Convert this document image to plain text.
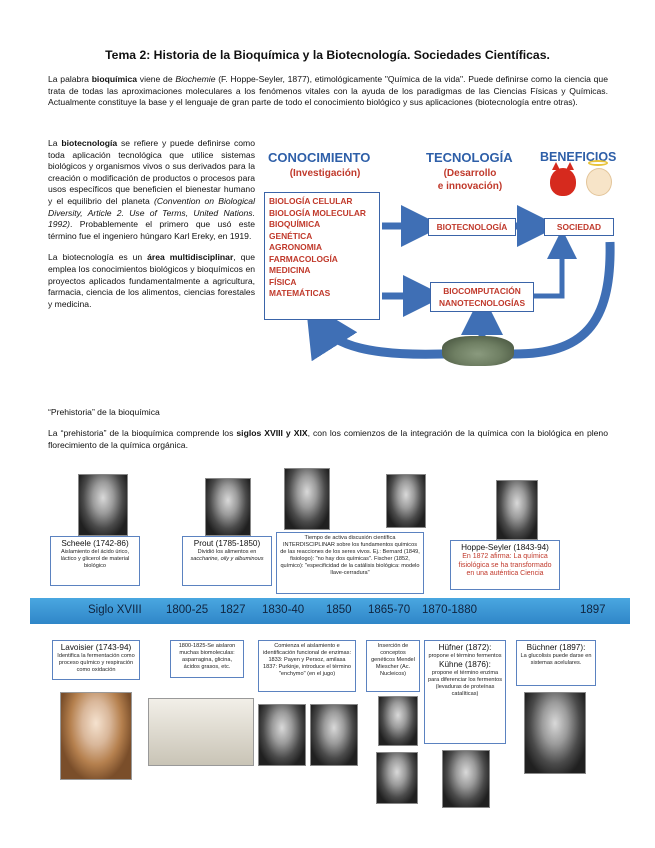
Tema 2: Historia de la Bioquímica y la Biotecnología. Sociedades Científicas.

La palabra bioquímica viene de Biochemie (F. Hoppe-Seyler, 1877), etimológicamente "Química de la vida". Puede definirse como la ciencia que trata de todas las aproximaciones moleculares a los fenómenos vitales con la ayuda de los paradigmas de las Ciencias Físicas y Químicas. Actualmente constituye la base y el lenguaje de gran parte de todo el conocimiento biológico y sus aplicaciones (biotecnología entre otras).

La biotecnología se refiere y puede definirse como toda aplicación tecnológica que utilice sistemas biológicos y organismos vivos o sus derivados para la creación o modificación de productos o procesos para usos específicos que beneficien el bienestar humano y el equilibrio del planeta (Convention on Biological Diversity, Article 2. Use of Terms, United Nations. 1992). Probablemente el primero que usó este término fue el ingeniero húngaro Karl Ereky, en 1919.

La biotecnología es un área multidisciplinar, que emplea los conocimientos biológicos y bioquímicos en proyectos aplicados fundamentalmente a agricultura, farmacia, ciencia de los alimentos, ciencias forestales y medicina.

CONOCIMIENTO
(Investigación)
TECNOLOGÍA
(Desarrollo
e innovación)
BENEFICIOS
BIOLOGÍA CELULAR
BIOLOGÍA MOLECULAR
BIOQUÍMICA
GENÉTICA
AGRONOMIA
FARMACOLOGÍA
MEDICINA
FÍSICA
MATEMÁTICAS
BIOTECNOLOGÍA	SOCIEDAD
BIOCOMPUTACIÓN
NANOTECNOLOGÍAS
“Prehistoria” de la bioquímica

La “prehistoria” de la bioquímica comprende los siglos XVIII y XIX, con los comienzos de la integración de la química con la biológica en pleno florecimiento de la química orgánica.

Scheele (1742-86)
Aislamiento del ácido úrico, láctico y glicerol de material biológico
Prout (1785-1850)
Dividió los alimentos en
saccharine, oily y albuminous
Tiempo de activa discusión científica INTERDISCIPLINAR sobre los fundamentos químicos de las reacciones de los seres vivos. Ej.: Bernard (1849, fisiologo): "no hay dos químicas". Fischer (1852, químico): "especificidad de la catálisis biológica: modelo llave-cerradura"
Hoppe-Seyler (1843-94)
En 1872 afirma: La química fisiológica se ha transformado en una auténtica Ciencia
Siglo XVIII 1800-25 1827 1830-40 1850 1865-70 1870-1880	1897
Lavoisier (1743-94)
Identifica la fermentación como proceso químico y respiración como oxidación
1800-1825-Se aislaron muchas biomoleculas: asparragina, glicina, ácidos grasos, etc.
Comienza el aislamiento e identificación funcional de enzimas: 1833: Payen y Persoz, amilasa 1837: Purkinje, introduce el término "enchymo" (en el jugo)
Inserción de conceptos genéticos Mendel Miescher (Ac. Nucleicos)
Hüfner (1872):
propone el término fermentos
Kühne (1876):
propone el término enzima para diferenciar los fermentos (levaduras de proteínas catalíticas)
Büchner (1897):
La glucolisis puede darse en sistemas acelulares.
